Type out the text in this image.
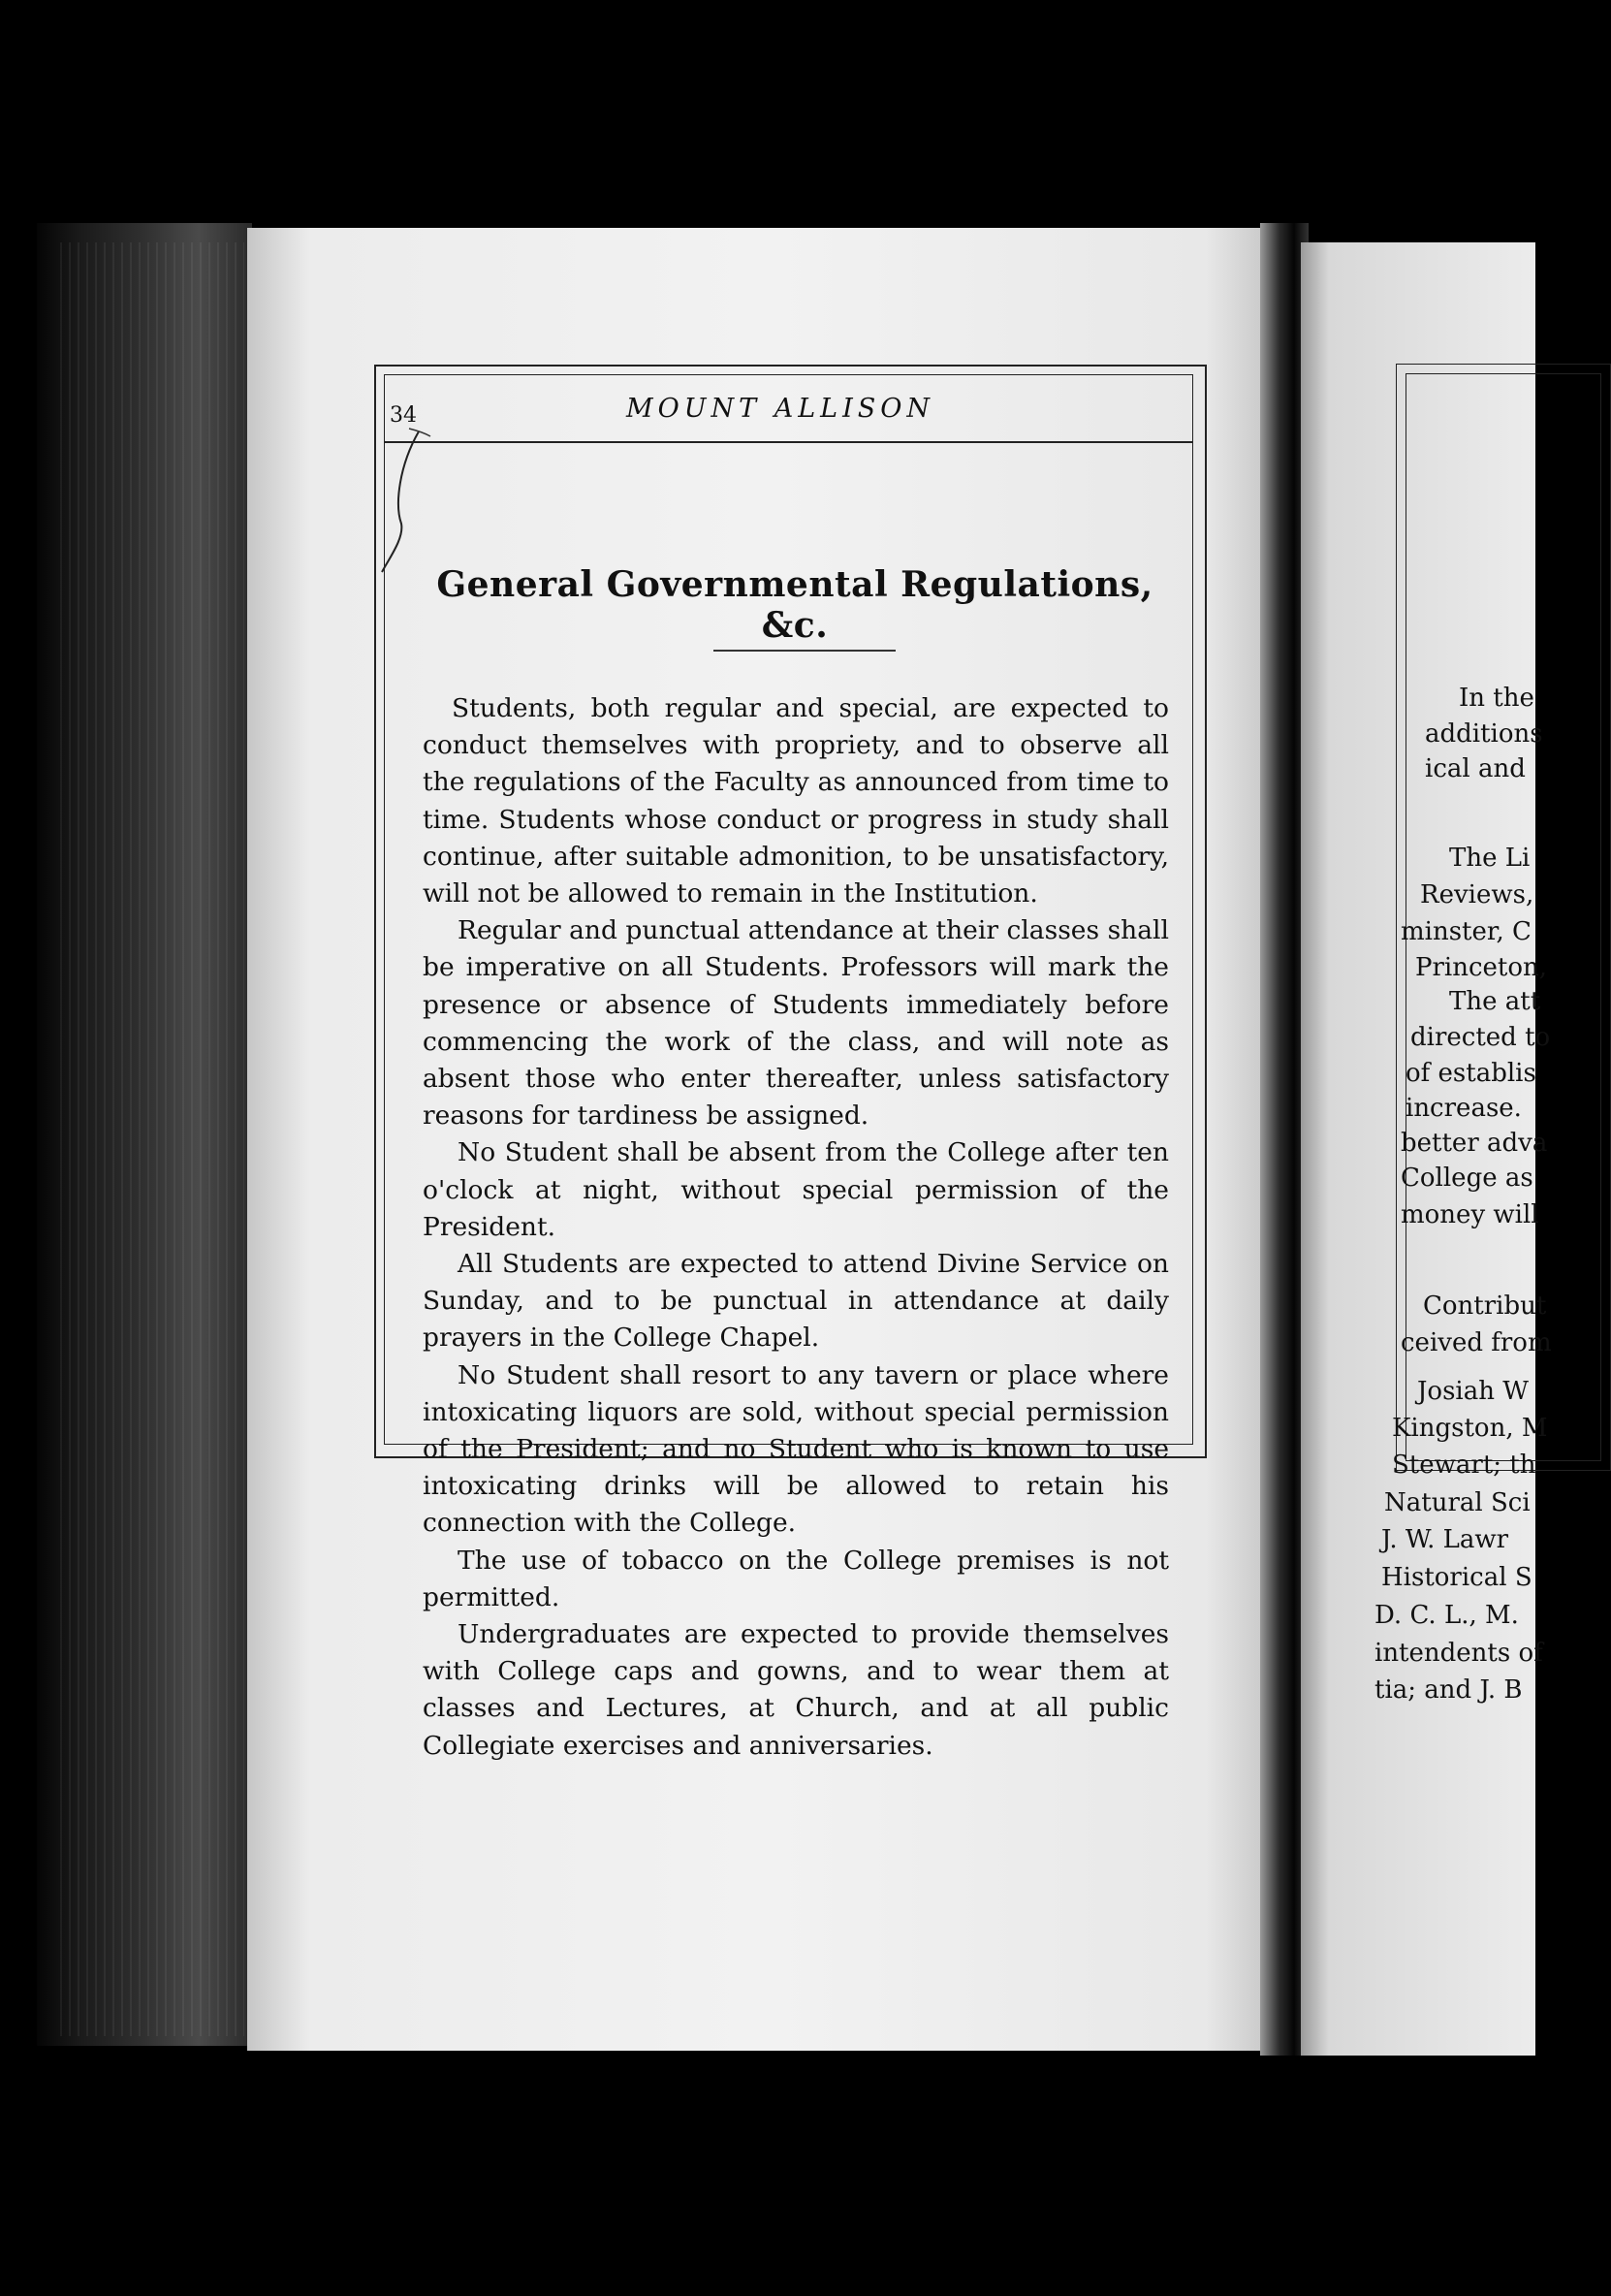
In the
additions
ical and
The Li
Reviews,
minster, C
Princeton,
The att
directed to
of establis
increase.
better adva
College as
money will
Contribut
ceived from
Josiah W
Kingston, M
Stewart; th
Natural Sci
J. W. Lawr
Historical S
D. C. L., M.
intendents of
tia; and J. B
34	MOUNT ALLISON
General Governmental Regulations, &c.

Students, both regular and special, are expected to conduct themselves with propriety, and to observe all the regulations of the Faculty as announced from time to time. Students whose conduct or progress in study shall continue, after suitable admonition, to be unsatisfactory, will not be allowed to remain in the Institution.

Regular and punctual attendance at their classes shall be imperative on all Students. Professors will mark the presence or absence of Students immediately before commencing the work of the class, and will note as absent those who enter thereafter, unless satisfactory reasons for tardiness be assigned.

No Student shall be absent from the College after ten o'clock at night, without special permission of the President.

All Students are expected to attend Divine Service on Sunday, and to be punctual in attendance at daily prayers in the College Chapel.

No Student shall resort to any tavern or place where intoxicating liquors are sold, without special permission of the President; and no Student who is known to use intoxicating drinks will be allowed to retain his connection with the College.

The use of tobacco on the College premises is not permitted.

Undergraduates are expected to provide themselves with College caps and gowns, and to wear them at classes and Lectures, at Church, and at all public Collegiate exercises and anniversaries.
